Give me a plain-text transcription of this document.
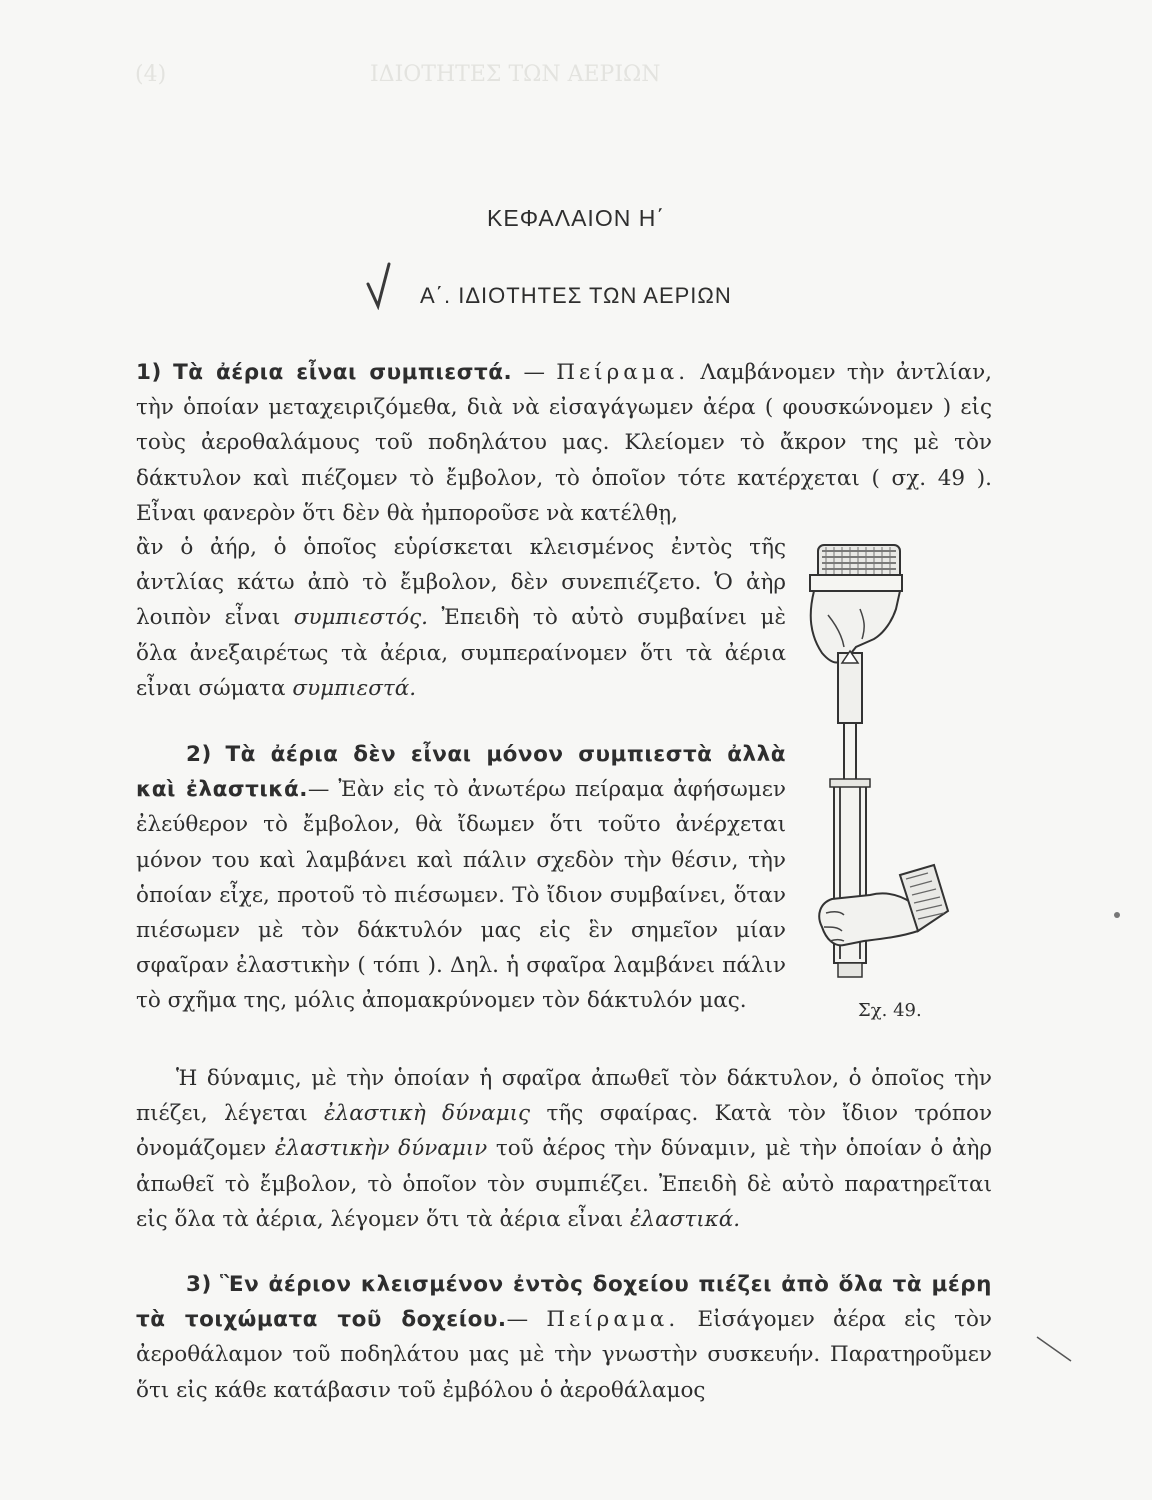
(4)	ΙΔΙΟΤΗΤΕΣ ΤΩΝ ΑΕΡΙΩΝ
ΚΕΦΑΛΑΙΟΝ Η΄
Α΄. ΙΔΙΟΤΗΤΕΣ ΤΩΝ ΑΕΡΙΩΝ

1) Τὰ ἀέρια εἶναι συμπιεστά. — Πείραμα. Λαμβάνομεν τὴν ἀντλίαν, τὴν ὁποίαν μεταχειριζόμεθα, διὰ νὰ εἰσαγάγωμεν ἀέρα ( φουσκώνομεν ) εἰς τοὺς ἀεροθαλάμους τοῦ ποδηλάτου μας. Κλείομεν τὸ ἄκρον της μὲ τὸν δάκτυλον καὶ πιέζομεν τὸ ἔμβολον, τὸ ὁποῖον τότε κατέρχεται ( σχ. 49 ). Εἶναι φανερὸν ὅτι δὲν θὰ ἠμποροῦσε νὰ κατέλθῃ,

ἂν ὁ ἀήρ, ὁ ὁποῖος εὑρίσκεται κλεισμένος ἐντὸς τῆς ἀντλίας κάτω ἀπὸ τὸ ἔμβολον, δὲν συνεπιέζετο. Ὁ ἀὴρ λοιπὸν εἶναι συμπιεστός. Ἐπειδὴ τὸ αὐτὸ συμβαίνει μὲ ὅλα ἀνεξαιρέτως τὰ ἀέρια, συμπεραίνομεν ὅτι τὰ ἀέρια εἶναι σώματα συμπιεστά.

2) Τὰ ἀέρια δὲν εἶναι μόνον συμπιεστὰ ἀλλὰ καὶ ἐλαστικά.— Ἐὰν εἰς τὸ ἀνωτέρω πείραμα ἀφήσωμεν ἐλεύθερον τὸ ἔμβολον, θὰ ἴδωμεν ὅτι τοῦτο ἀνέρχεται μόνον του καὶ λαμβάνει καὶ πάλιν σχεδὸν τὴν θέσιν, τὴν ὁποίαν εἶχε, προτοῦ τὸ πιέσωμεν. Τὸ ἴδιον συμβαίνει, ὅταν πιέσωμεν μὲ τὸν δάκτυλόν μας εἰς ἓν σημεῖον μίαν σφαῖραν ἐλαστικὴν ( τόπι ). Δηλ. ἡ σφαῖρα λαμβάνει πάλιν τὸ σχῆμα της, μόλις ἀπομακρύνομεν τὸν δάκτυλόν μας.

Ἡ δύναμις, μὲ τὴν ὁποίαν ἡ σφαῖρα ἀπωθεῖ τὸν δάκτυλον, ὁ ὁποῖος τὴν πιέζει, λέγεται ἐλαστικὴ δύναμις τῆς σφαίρας. Κατὰ τὸν ἴδιον τρόπον ὀνομάζομεν ἐλαστικὴν δύναμιν τοῦ ἀέρος τὴν δύναμιν, μὲ τὴν ὁποίαν ὁ ἀὴρ ἀπωθεῖ τὸ ἔμβολον, τὸ ὁποῖον τὸν συμπιέζει. Ἐπειδὴ δὲ αὐτὸ παρατηρεῖται εἰς ὅλα τὰ ἀέρια, λέγομεν ὅτι τὰ ἀέρια εἶναι ἐλαστικά.

3) Ἓν ἀέριον κλεισμένον ἐντὸς δοχείου πιέζει ἀπὸ ὅλα τὰ μέρη τὰ τοιχώματα τοῦ δοχείου.— Πείραμα. Εἰσάγομεν ἀέρα εἰς τὸν ἀεροθάλαμον τοῦ ποδηλάτου μας μὲ τὴν γνωστὴν συσκευήν. Παρατηροῦμεν ὅτι εἰς κάθε κατάβασιν τοῦ ἐμβόλου ὁ ἀεροθάλαμος

Σχ. 49.
